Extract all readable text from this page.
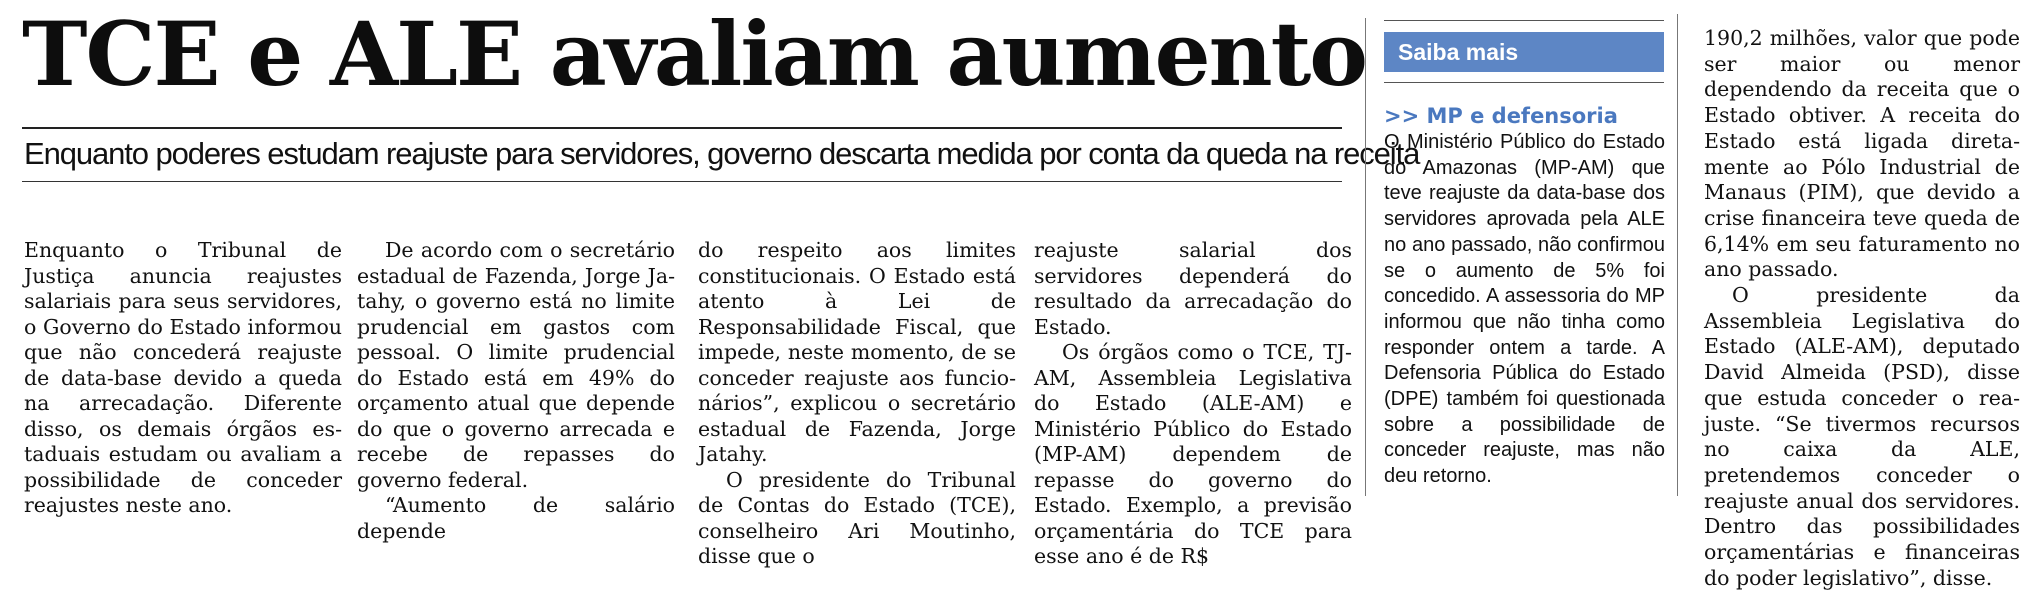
TCE e ALE avaliam aumento
Enquanto poderes estudam reajuste para servidores, governo descarta medida por conta da queda na receita

Enquanto o Tribunal de Justiça anuncia reajustes salariais para seus servidores, o Governo do Estado informou que não concederá reajuste de data-base devido a queda na arrecadação. Diferente disso, os demais órgãos estaduais estudam ou avaliam a possibilidade de conceder reajustes neste ano.

De acordo com o secretário estadual de Fazenda, Jorge Jatahy, o governo está no limite prudencial em gastos com pessoal. O limite prudencial do Estado está em 49% do orçamento atual que depende do que o governo arrecada e recebe de repasses do governo federal.

“Aumento de salário depende

do respeito aos limites constitucionais. O Estado está atento à Lei de Responsabilidade Fiscal, que impede, neste momento, de se conceder reajuste aos funcionários”, explicou o secretário estadual de Fazenda, Jorge Jatahy.

O presidente do Tribunal de Contas do Estado (TCE), conselheiro Ari Moutinho, disse que o

reajuste salarial dos servidores dependerá do resultado da arrecadação do Estado.

Os órgãos como o TCE, TJ-AM, Assembleia Legislativa do Estado (ALE-AM) e Ministério Público do Estado (MP-AM) dependem de repasse do governo do Estado. Exemplo, a previsão orçamentária do TCE para esse ano é de R$

Saiba mais
>> MP e defensoria

O Ministério Público do Estado do Amazonas (MP-AM) que teve reajuste da data-base dos servidores aprovada pela ALE no ano passado, não confirmou se o aumento de 5% foi concedido. A assessoria do MP informou que não tinha como responder ontem a tarde. A Defensoria Pública do Estado (DPE) também foi questionada sobre a possibilidade de conceder reajuste, mas não deu retorno.

190,2 milhões, valor que pode ser maior ou menor dependendo da receita que o Estado obtiver. A receita do Estado está ligada diretamente ao Pólo Industrial de Manaus (PIM), que devido a crise financeira teve queda de 6,14% em seu faturamento no ano passado.

O presidente da Assembleia Legislativa do Estado (ALE-AM), deputado David Almeida (PSD), disse que estuda conceder o reajuste. “Se tivermos recursos no caixa da ALE, pretendemos conceder o reajuste anual dos servidores. Dentro das possibilidades orçamentárias e financeiras do poder legislativo”, disse.
